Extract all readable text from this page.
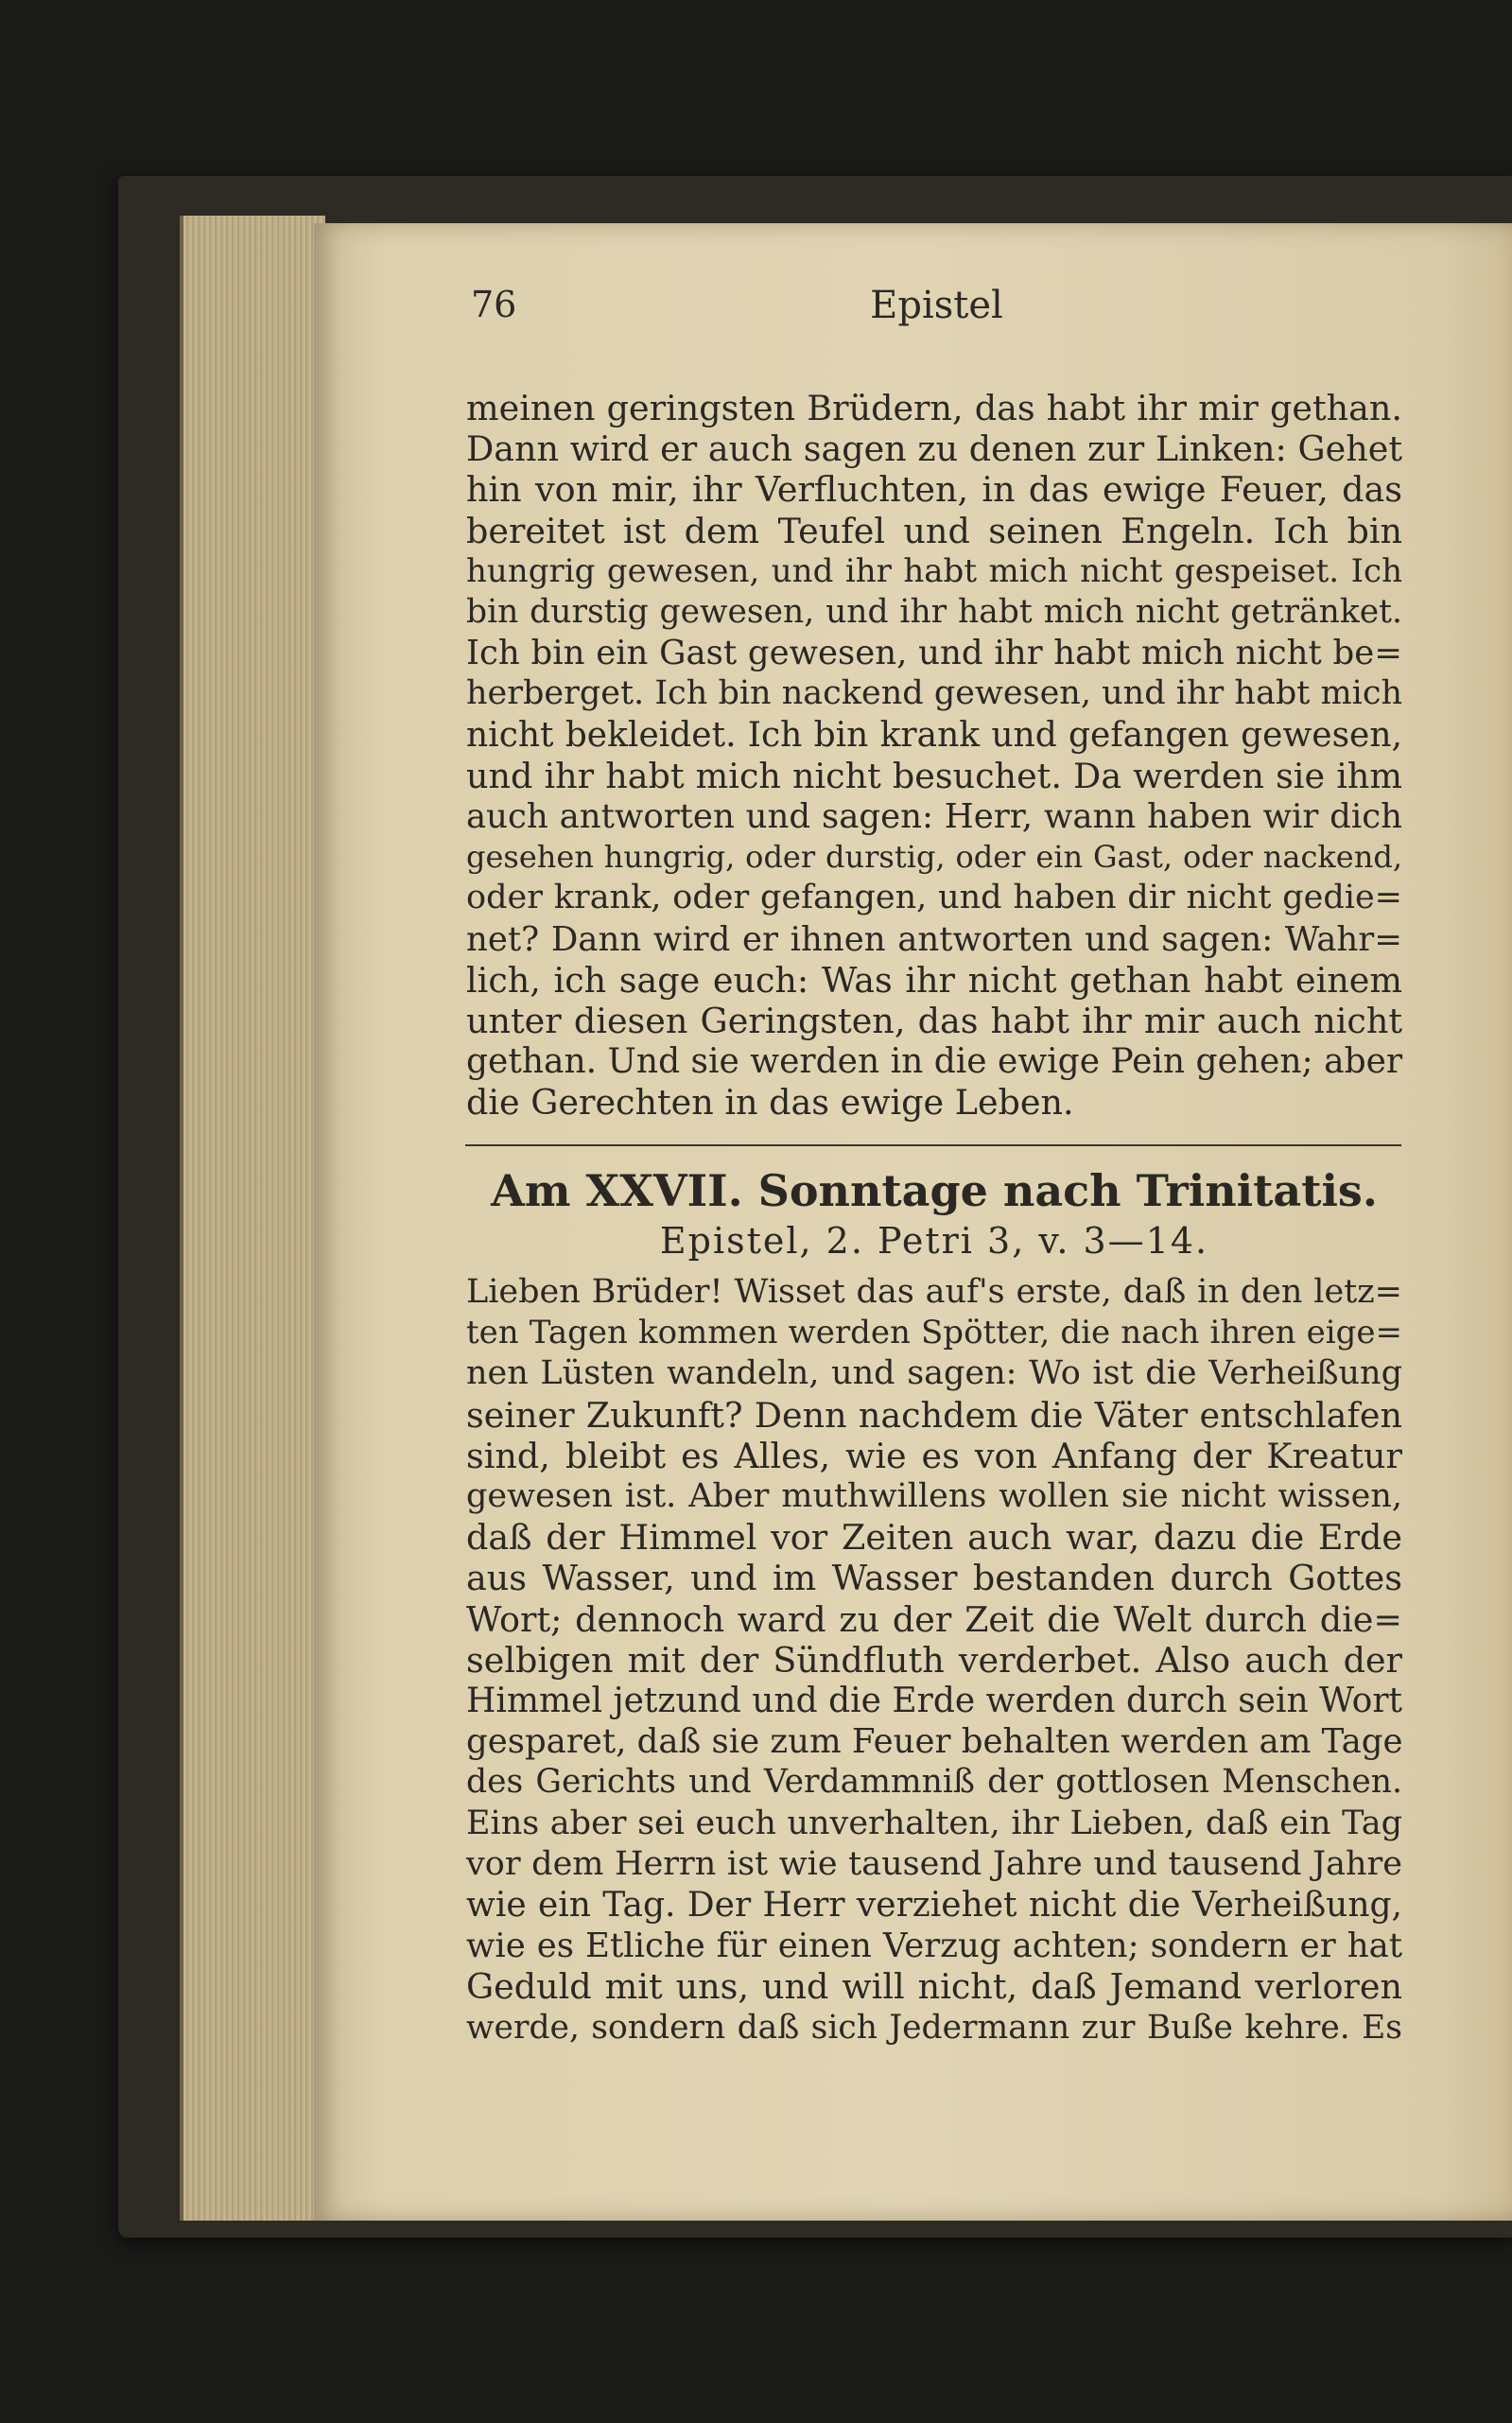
76	Epistel
meinen geringsten Brüdern, das habt ihr mir gethan.
Dann wird er auch sagen zu denen zur Linken: Gehet
hin von mir, ihr Verfluchten, in das ewige Feuer, das
bereitet ist dem Teufel und seinen Engeln. Ich bin
hungrig gewesen, und ihr habt mich nicht gespeiset. Ich
bin durstig gewesen, und ihr habt mich nicht getränket.
Ich bin ein Gast gewesen, und ihr habt mich nicht be=
herberget. Ich bin nackend gewesen, und ihr habt mich
nicht bekleidet. Ich bin krank und gefangen gewesen,
und ihr habt mich nicht besuchet. Da werden sie ihm
auch antworten und sagen: Herr, wann haben wir dich
gesehen hungrig, oder durstig, oder ein Gast, oder nackend,
oder krank, oder gefangen, und haben dir nicht gedie=
net? Dann wird er ihnen antworten und sagen: Wahr=
lich, ich sage euch: Was ihr nicht gethan habt einem
unter diesen Geringsten, das habt ihr mir auch nicht
gethan. Und sie werden in die ewige Pein gehen; aber
die Gerechten in das ewige Leben.
Am XXVII. Sonntage nach Trinitatis.
Epistel, 2. Petri 3, v. 3—14.
Lieben Brüder! Wisset das auf's erste, daß in den letz=
ten Tagen kommen werden Spötter, die nach ihren eige=
nen Lüsten wandeln, und sagen: Wo ist die Verheißung
seiner Zukunft? Denn nachdem die Väter entschlafen
sind, bleibt es Alles, wie es von Anfang der Kreatur
gewesen ist. Aber muthwillens wollen sie nicht wissen,
daß der Himmel vor Zeiten auch war, dazu die Erde
aus Wasser, und im Wasser bestanden durch Gottes
Wort; dennoch ward zu der Zeit die Welt durch die=
selbigen mit der Sündfluth verderbet. Also auch der
Himmel jetzund und die Erde werden durch sein Wort
gesparet, daß sie zum Feuer behalten werden am Tage
des Gerichts und Verdammniß der gottlosen Menschen.
Eins aber sei euch unverhalten, ihr Lieben, daß ein Tag
vor dem Herrn ist wie tausend Jahre und tausend Jahre
wie ein Tag. Der Herr verziehet nicht die Verheißung,
wie es Etliche für einen Verzug achten; sondern er hat
Geduld mit uns, und will nicht, daß Jemand verloren
werde, sondern daß sich Jedermann zur Buße kehre. Es
